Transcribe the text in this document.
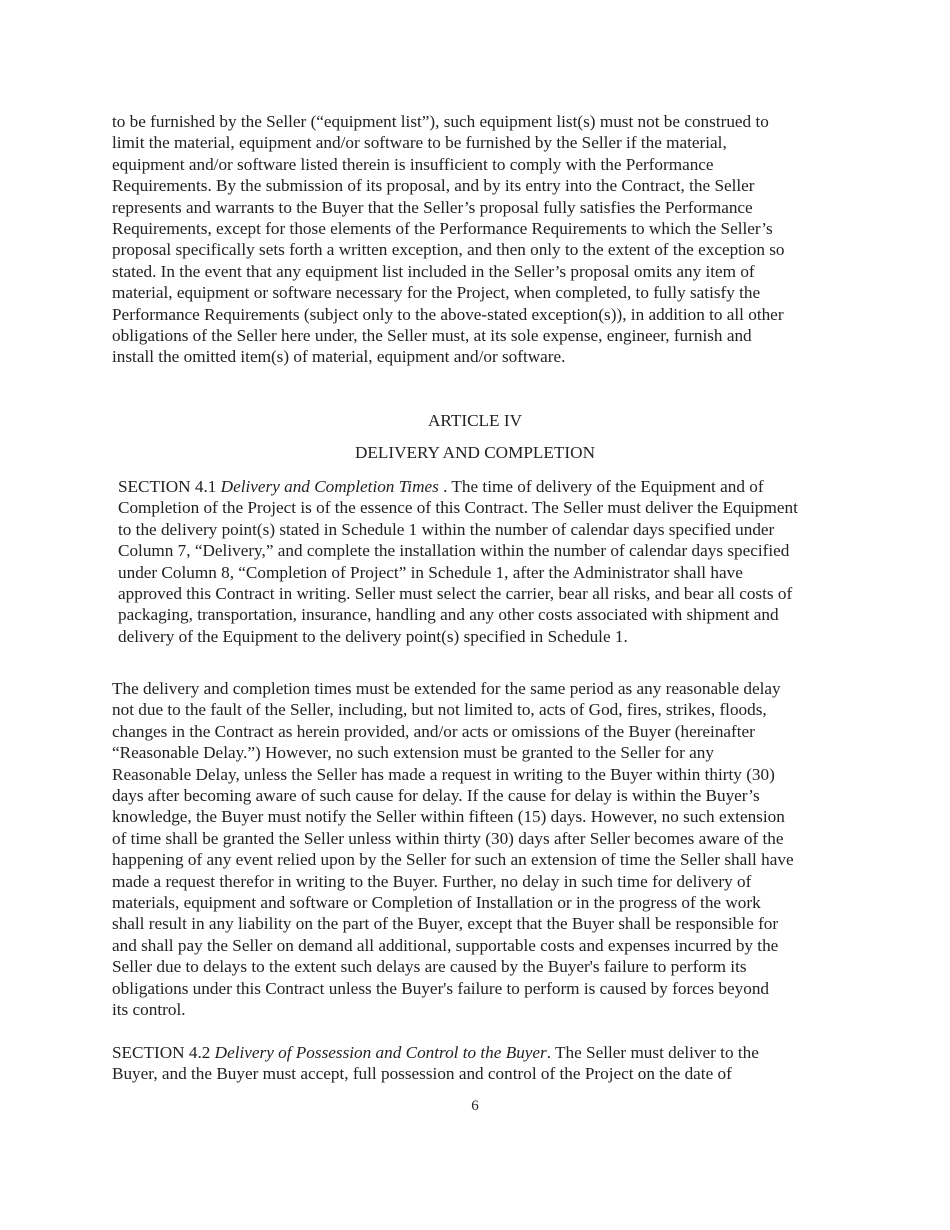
to be furnished by the Seller (“equipment list”), such equipment list(s) must not be construed to
limit the material, equipment and/or software to be furnished by the Seller if the material,
equipment and/or software listed therein is insufficient to comply with the Performance
Requirements. By the submission of its proposal, and by its entry into the Contract, the Seller
represents and warrants to the Buyer that the Seller’s proposal fully satisfies the Performance
Requirements, except for those elements of the Performance Requirements to which the Seller’s
proposal specifically sets forth a written exception, and then only to the extent of the exception so
stated. In the event that any equipment list included in the Seller’s proposal omits any item of
material, equipment or software necessary for the Project, when completed, to fully satisfy the
Performance Requirements (subject only to the above-stated exception(s)), in addition to all other
obligations of the Seller here under, the Seller must, at its sole expense, engineer, furnish and
install the omitted item(s) of material, equipment and/or software.

ARTICLE IV

DELIVERY AND COMPLETION

SECTION 4.1 Delivery and Completion Times . The time of delivery of the Equipment and of
Completion of the Project is of the essence of this Contract. The Seller must deliver the Equipment
to the delivery point(s) stated in Schedule 1 within the number of calendar days specified under
Column 7, “Delivery,” and complete the installation within the number of calendar days specified
under Column 8, “Completion of Project” in Schedule 1, after the Administrator shall have
approved this Contract in writing. Seller must select the carrier, bear all risks, and bear all costs of
packaging, transportation, insurance, handling and any other costs associated with shipment and
delivery of the Equipment to the delivery point(s) specified in Schedule 1.

The delivery and completion times must be extended for the same period as any reasonable delay
not due to the fault of the Seller, including, but not limited to, acts of God, fires, strikes, floods,
changes in the Contract as herein provided, and/or acts or omissions of the Buyer (hereinafter
“Reasonable Delay.”) However, no such extension must be granted to the Seller for any
Reasonable Delay, unless the Seller has made a request in writing to the Buyer within thirty (30)
days after becoming aware of such cause for delay. If the cause for delay is within the Buyer’s
knowledge, the Buyer must notify the Seller within fifteen (15) days. However, no such extension
of time shall be granted the Seller unless within thirty (30) days after Seller becomes aware of the
happening of any event relied upon by the Seller for such an extension of time the Seller shall have
made a request therefor in writing to the Buyer. Further, no delay in such time for delivery of
materials, equipment and software or Completion of Installation or in the progress of the work
shall result in any liability on the part of the Buyer, except that the Buyer shall be responsible for
and shall pay the Seller on demand all additional, supportable costs and expenses incurred by the
Seller due to delays to the extent such delays are caused by the Buyer's failure to perform its
obligations under this Contract unless the Buyer's failure to perform is caused by forces beyond
its control.

SECTION 4.2 Delivery of Possession and Control to the Buyer. The Seller must deliver to the
Buyer, and the Buyer must accept, full possession and control of the Project on the date of

6
